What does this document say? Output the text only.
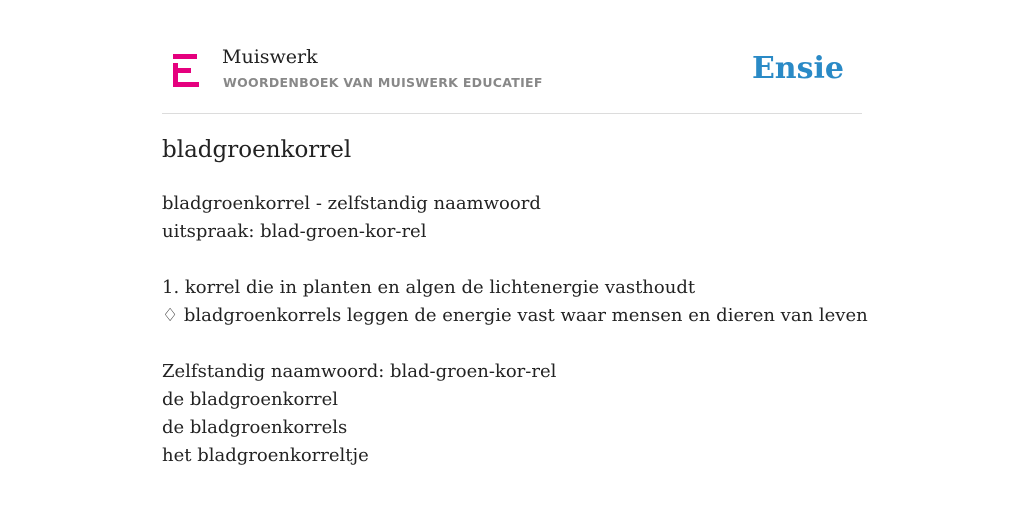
Muiswerk
WOORDENBOEK VAN MUISWERK EDUCATIEF	Ensie
bladgroenkorrel
bladgroenkorrel - zelfstandig naamwoord
uitspraak: blad-groen-kor-rel
1. korrel die in planten en algen de lichtenergie vasthoudt
♢ bladgroenkorrels leggen de energie vast waar mensen en dieren van leven
Zelfstandig naamwoord: blad-groen-kor-rel
de bladgroenkorrel
de bladgroenkorrels
het bladgroenkorreltje
